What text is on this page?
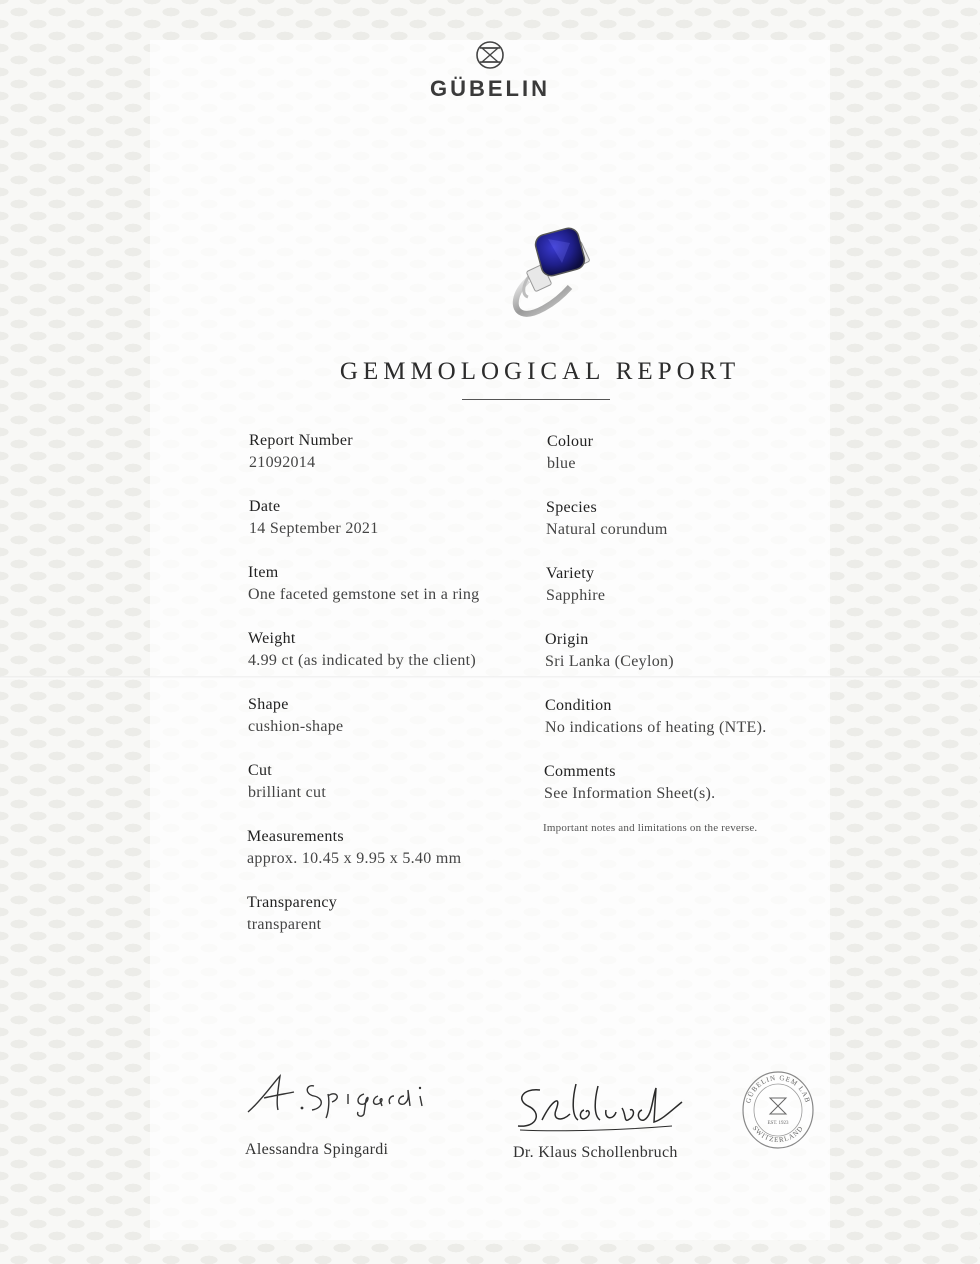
GÜBELIN
GEMMOLOGICAL REPORT
Report Number
21092014
Date
14 September 2021
Item
One faceted gemstone set in a ring
Weight
4.99 ct (as indicated by the client)
Shape
cushion-shape
Cut
brilliant cut
Measurements
approx. 10.45 x 9.95 x 5.40 mm
Transparency
transparent
Colour
blue
Species
Natural corundum
Variety
Sapphire
Origin
Sri Lanka (Ceylon)
Condition
No indications of heating (NTE).
Comments
See Information Sheet(s).
Important notes and limitations on the reverse.
Alessandra Spingardi	Dr. Klaus Schollenbruch
GÜBELIN GEM LAB
SWITZERLAND
EST. 1923
